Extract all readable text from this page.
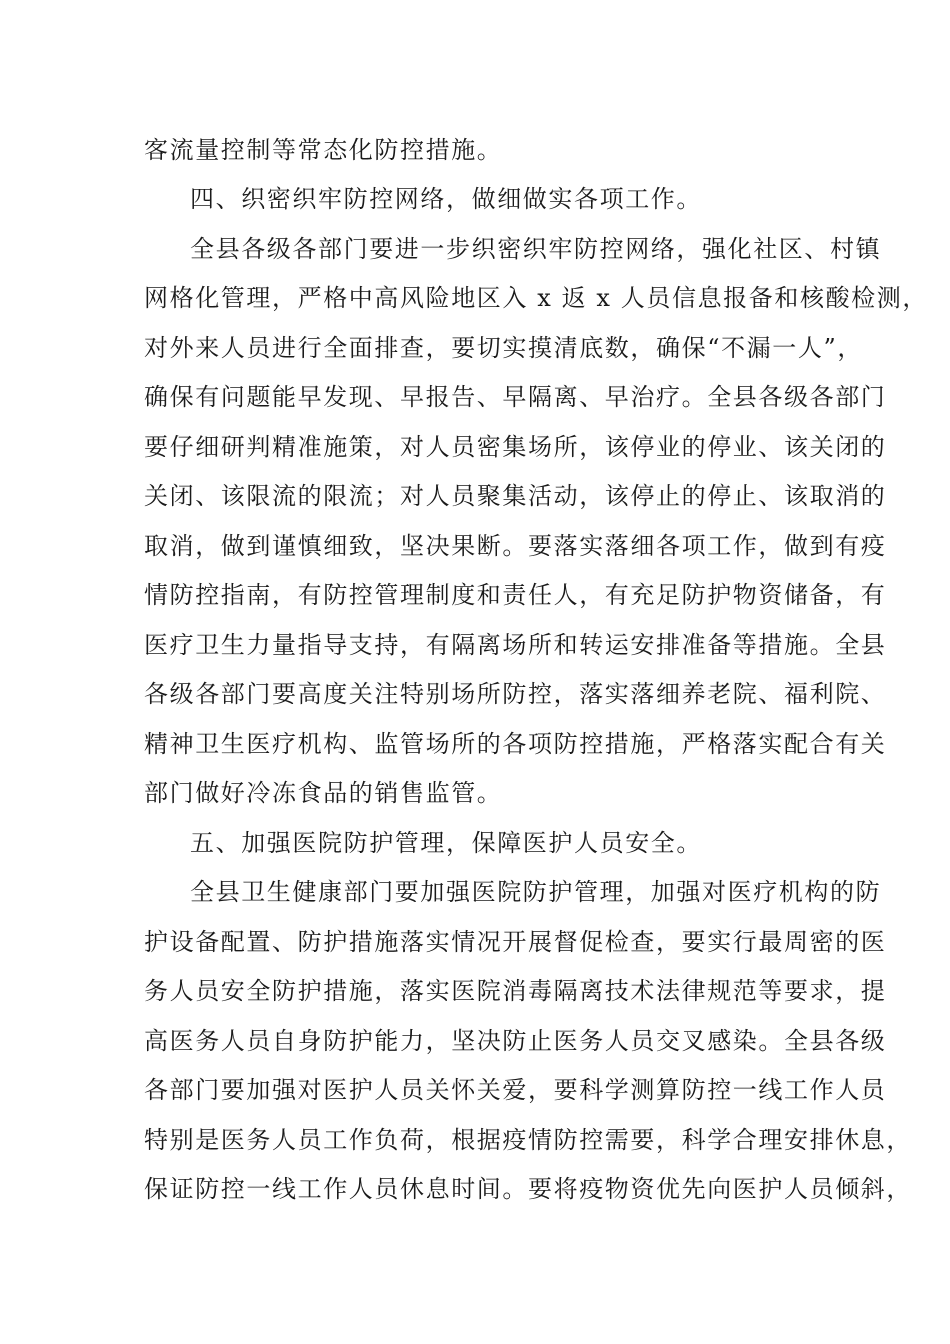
客流量控制等常态化防控措施。
四、织密织牢防控网络，做细做实各项工作。
全县各级各部门要进一步织密织牢防控网络，强化社区、村镇
网格化管理，严格中高风险地区入 x 返 x 人员信息报备和核酸检测，
对外来人员进行全面排查，要切实摸清底数，确保“不漏一人”，
确保有问题能早发现、早报告、早隔离、早治疗。全县各级各部门
要仔细研判精准施策，对人员密集场所，该停业的停业、该关闭的
关闭、该限流的限流；对人员聚集活动，该停止的停止、该取消的
取消，做到谨慎细致，坚决果断。要落实落细各项工作，做到有疫
情防控指南，有防控管理制度和责任人，有充足防护物资储备，有
医疗卫生力量指导支持，有隔离场所和转运安排准备等措施。全县
各级各部门要高度关注特别场所防控，落实落细养老院、福利院、
精神卫生医疗机构、监管场所的各项防控措施，严格落实配合有关
部门做好冷冻食品的销售监管。
五、加强医院防护管理，保障医护人员安全。
全县卫生健康部门要加强医院防护管理，加强对医疗机构的防
护设备配置、防护措施落实情况开展督促检查，要实行最周密的医
务人员安全防护措施，落实医院消毒隔离技术法律规范等要求，提
高医务人员自身防护能力，坚决防止医务人员交叉感染。全县各级
各部门要加强对医护人员关怀关爱，要科学测算防控一线工作人员
特别是医务人员工作负荷，根据疫情防控需要，科学合理安排休息，
保证防控一线工作人员休息时间。要将疫物资优先向医护人员倾斜，
